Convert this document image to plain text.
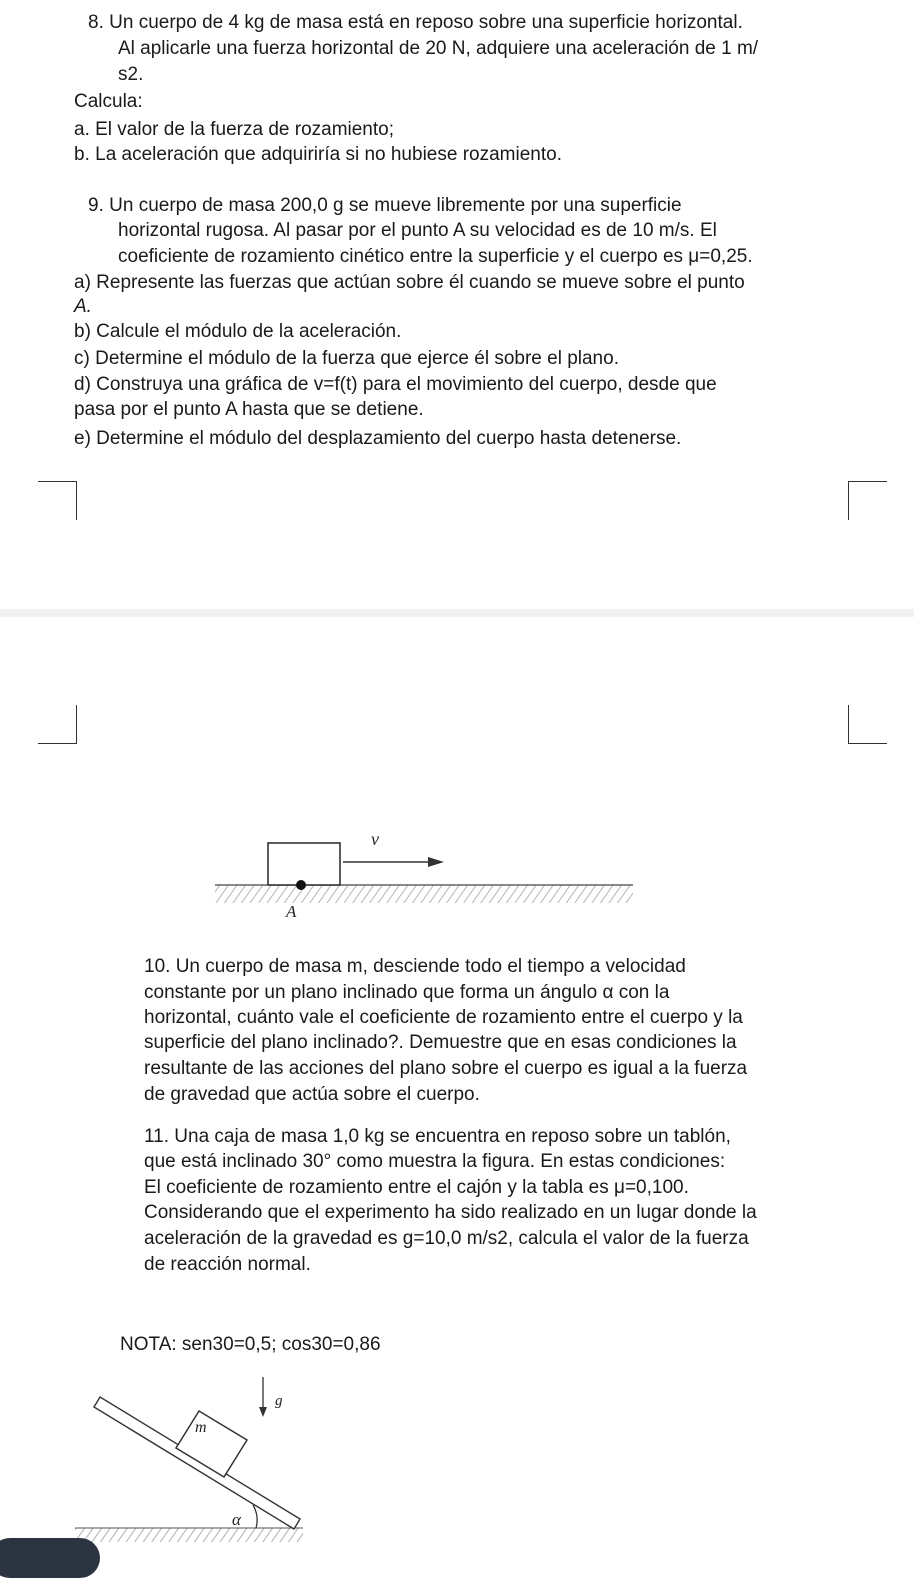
8. Un cuerpo de 4 kg de masa está en reposo sobre una superficie horizontal.
Al aplicarle una fuerza horizontal de 20 N, adquiere una aceleración de 1 m/
s2.
Calcula:
a. El valor de la fuerza de rozamiento;
b. La aceleración que adquiriría si no hubiese rozamiento.
9. Un cuerpo de masa 200,0 g se mueve libremente por una superficie
horizontal rugosa. Al pasar por el punto A su velocidad es de 10 m/s. El
coeficiente de rozamiento cinético entre la superficie y el cuerpo es μ=0,25.
a) Represente las fuerzas que actúan sobre él cuando se mueve sobre el punto
A.
b) Calcule el módulo de la aceleración.
c) Determine el módulo de la fuerza que ejerce él sobre el plano.
d) Construya una gráfica de v=f(t) para el movimiento del cuerpo, desde que
pasa por el punto A hasta que se detiene.
e) Determine el módulo del desplazamiento del cuerpo hasta detenerse.
v⃗
A
10. Un cuerpo de masa m, desciende todo el tiempo a velocidad
constante por un plano inclinado que forma un ángulo α con la
horizontal, cuánto vale el coeficiente de rozamiento entre el cuerpo y la
superficie del plano inclinado?. Demuestre que en esas condiciones la
resultante de las acciones del plano sobre el cuerpo es igual a la fuerza
de gravedad que actúa sobre el cuerpo.
11. Una caja de masa 1,0 kg se encuentra en reposo sobre un tablón,
que está inclinado 30° como muestra la figura. En estas condiciones:
El coeficiente de rozamiento entre el cajón y la tabla es μ=0,100.
Considerando que el experimento ha sido realizado en un lugar donde la
aceleración de la gravedad es g=10,0 m/s2, calcula el valor de la fuerza
de reacción normal.
NOTA: sen30=0,5; cos30=0,86
m
g⃗
α
